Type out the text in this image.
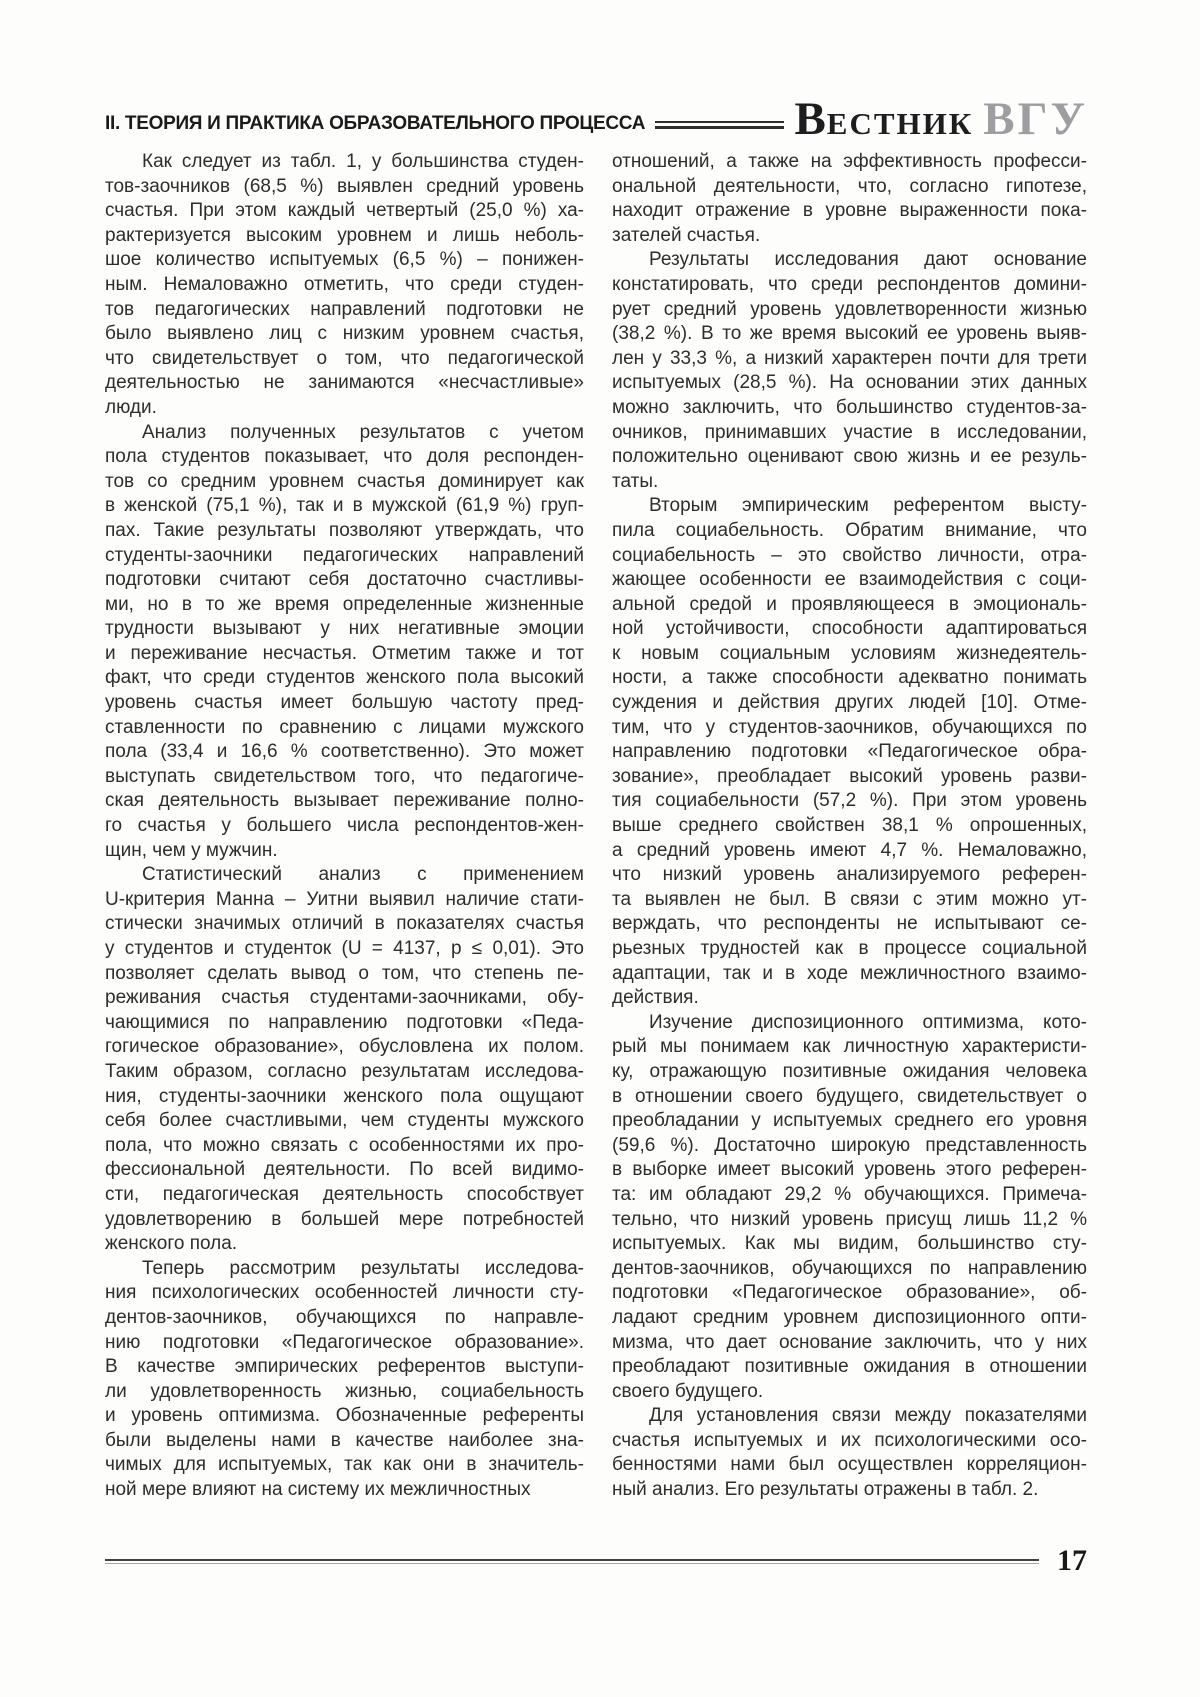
II. ТЕОРИЯ И ПРАКТИКА ОБРАЗОВАТЕЛЬНОГО ПРОЦЕССА	ВЕСТНИК ВГУ
Как следует из табл. 1, у большинства студен-
тов-заочников (68,5 %) выявлен средний уровень
счастья. При этом каждый четвертый (25,0 %) ха-
рактеризуется высоким уровнем и лишь неболь-
шое количество испытуемых (6,5 %) – понижен-
ным. Немаловажно отметить, что среди студен-
тов педагогических направлений подготовки не
было выявлено лиц с низким уровнем счастья,
что свидетельствует о том, что педагогической
деятельностью не занимаются «несчастливые»
люди.
Анализ полученных результатов с учетом
пола студентов показывает, что доля респонден-
тов со средним уровнем счастья доминирует как
в женской (75,1 %), так и в мужской (61,9 %) груп-
пах. Такие результаты позволяют утверждать, что
студенты-заочники педагогических направлений
подготовки считают себя достаточно счастливы-
ми, но в то же время определенные жизненные
трудности вызывают у них негативные эмоции
и переживание несчастья. Отметим также и тот
факт, что среди студентов женского пола высокий
уровень счастья имеет большую частоту пред-
ставленности по сравнению с лицами мужского
пола (33,4 и 16,6 % соответственно). Это может
выступать свидетельством того, что педагогиче-
ская деятельность вызывает переживание полно-
го счастья у большего числа респондентов-жен-
щин, чем у мужчин.
Статистический анализ с применением
U-критерия Манна – Уитни выявил наличие стати-
стически значимых отличий в показателях счастья
у студентов и студенток (U = 4137, p ≤ 0,01). Это
позволяет сделать вывод о том, что степень пе-
реживания счастья студентами-заочниками, обу-
чающимися по направлению подготовки «Педа-
гогическое образование», обусловлена их полом.
Таким образом, согласно результатам исследова-
ния, студенты-заочники женского пола ощущают
себя более счастливыми, чем студенты мужского
пола, что можно связать с особенностями их про-
фессиональной деятельности. По всей видимо-
сти, педагогическая деятельность способствует
удовлетворению в большей мере потребностей
женского пола.
Теперь рассмотрим результаты исследова-
ния психологических особенностей личности сту-
дентов-заочников, обучающихся по направле-
нию подготовки «Педагогическое образование».
В качестве эмпирических референтов выступи-
ли удовлетворенность жизнью, социабельность
и уровень оптимизма. Обозначенные референты
были выделены нами в качестве наиболее зна-
чимых для испытуемых, так как они в значитель-
ной мере влияют на систему их межличностных
отношений, а также на эффективность професси-
ональной деятельности, что, согласно гипотезе,
находит отражение в уровне выраженности пока-
зателей счастья.
Результаты исследования дают основание
констатировать, что среди респондентов домини-
рует средний уровень удовлетворенности жизнью
(38,2 %). В то же время высокий ее уровень выяв-
лен у 33,3 %, а низкий характерен почти для трети
испытуемых (28,5 %). На основании этих данных
можно заключить, что большинство студентов-за-
очников, принимавших участие в исследовании,
положительно оценивают свою жизнь и ее резуль-
таты.
Вторым эмпирическим референтом высту-
пила социабельность. Обратим внимание, что
социабельность – это свойство личности, отра-
жающее особенности ее взаимодействия с соци-
альной средой и проявляющееся в эмоциональ-
ной устойчивости, способности адаптироваться
к новым социальным условиям жизнедеятель-
ности, а также способности адекватно понимать
суждения и действия других людей [10]. Отме-
тим, что у студентов-заочников, обучающихся по
направлению подготовки «Педагогическое обра-
зование», преобладает высокий уровень разви-
тия социабельности (57,2 %). При этом уровень
выше среднего свойствен 38,1 % опрошенных,
а средний уровень имеют 4,7 %. Немаловажно,
что низкий уровень анализируемого референ-
та выявлен не был. В связи с этим можно ут-
верждать, что респонденты не испытывают се-
рьезных трудностей как в процессе социальной
адаптации, так и в ходе межличностного взаимо-
действия.
Изучение диспозиционного оптимизма, кото-
рый мы понимаем как личностную характеристи-
ку, отражающую позитивные ожидания человека
в отношении своего будущего, свидетельствует о
преобладании у испытуемых среднего его уровня
(59,6 %). Достаточно широкую представленность
в выборке имеет высокий уровень этого референ-
та: им обладают 29,2 % обучающихся. Примеча-
тельно, что низкий уровень присущ лишь 11,2 %
испытуемых. Как мы видим, большинство сту-
дентов-заочников, обучающихся по направлению
подготовки «Педагогическое образование», об-
ладают средним уровнем диспозиционного опти-
мизма, что дает основание заключить, что у них
преобладают позитивные ожидания в отношении
своего будущего.
Для установления связи между показателями
счастья испытуемых и их психологическими осо-
бенностями нами был осуществлен корреляцион-
ный анализ. Его результаты отражены в табл. 2.
17
